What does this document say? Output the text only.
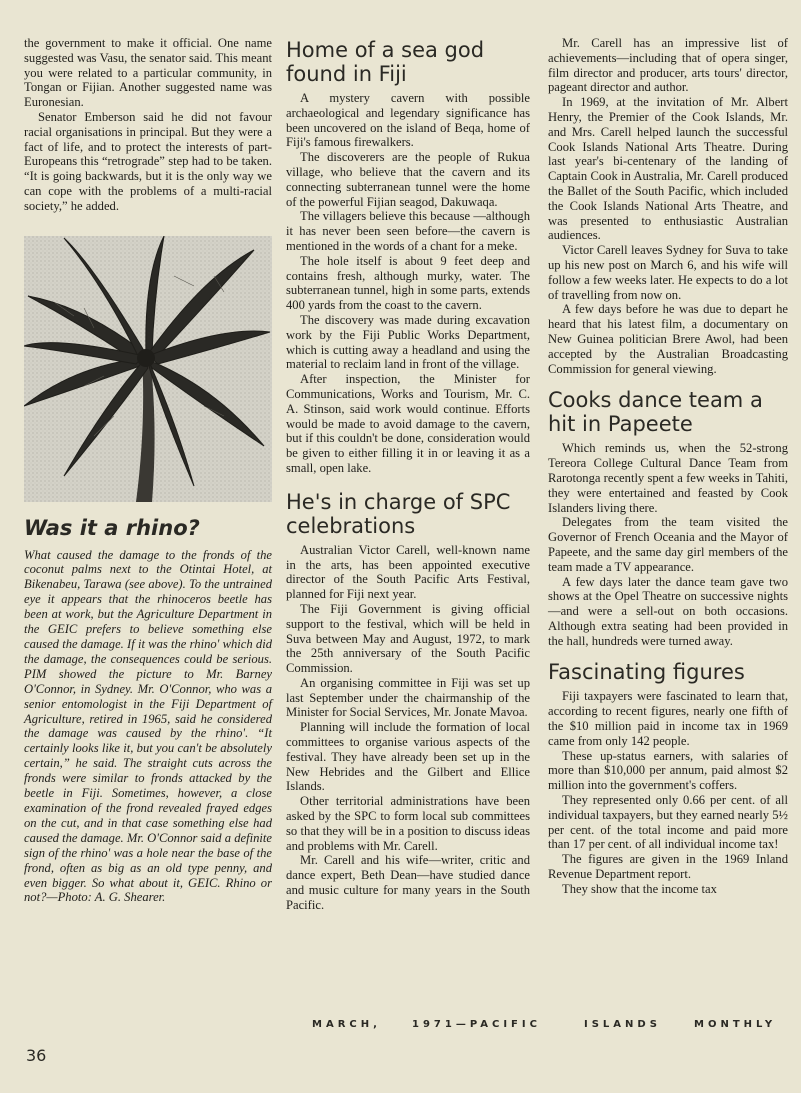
the government to make it official. One name suggested was Vasu, the senator said. This meant you were related to a particular community, in Tongan or Fijian. Another suggested name was Euronesian.

Senator Emberson said he did not favour racial organisations in principal. But they were a fact of life, and to protect the interests of part-Europeans this “retrograde” step had to be taken. “It is going backwards, but it is the only way we can cope with the problems of a multi-racial society,” he added.

Was it a rhino?

What caused the damage to the fronds of the coconut palms next to the Otintai Hotel, at Bikenabeu, Tarawa (see above). To the untrained eye it appears that the rhinoceros beetle has been at work, but the Agriculture Department in the GEIC prefers to believe something else caused the damage. If it was the rhino' which did the damage, the consequences could be serious. PIM showed the picture to Mr. Barney O'Connor, in Sydney. Mr. O'Connor, who was a senior entomologist in the Fiji Department of Agriculture, retired in 1965, said he considered the damage was caused by the rhino'. “It certainly looks like it, but you can't be absolutely certain,” he said. The straight cuts across the fronds were similar to fronds attacked by the beetle in Fiji. Sometimes, however, a close examination of the frond revealed frayed edges on the cut, and in that case something else had caused the damage. Mr. O'Connor said a definite sign of the rhino' was a hole near the base of the frond, often as big as an old type penny, and even bigger. So what about it, GEIC. Rhino or not?—Photo: A. G. Shearer.

Home of a sea god found in Fiji

A mystery cavern with possible archaeological and legendary significance has been uncovered on the island of Beqa, home of Fiji's famous firewalkers.

The discoverers are the people of Rukua village, who believe that the cavern and its connecting subterranean tunnel were the home of the powerful Fijian seagod, Dakuwaqa.

The villagers believe this because —although it has never been seen before—the cavern is mentioned in the words of a chant for a meke.

The hole itself is about 9 feet deep and contains fresh, although murky, water. The subterranean tunnel, high in some parts, extends 400 yards from the coast to the cavern.

The discovery was made during excavation work by the Fiji Public Works Department, which is cutting away a headland and using the material to reclaim land in front of the village.

After inspection, the Minister for Communications, Works and Tourism, Mr. C. A. Stinson, said work would continue. Efforts would be made to avoid damage to the cavern, but if this couldn't be done, consideration would be given to either filling it in or leaving it as a small, open lake.

He's in charge of SPC celebrations

Australian Victor Carell, well-known name in the arts, has been appointed executive director of the South Pacific Arts Festival, planned for Fiji next year.

The Fiji Government is giving official support to the festival, which will be held in Suva between May and August, 1972, to mark the 25th anniversary of the South Pacific Commission.

An organising committee in Fiji was set up last September under the chairmanship of the Minister for Social Services, Mr. Jonate Mavoa.

Planning will include the formation of local committees to organise various aspects of the festival. They have already been set up in the New Hebrides and the Gilbert and Ellice Islands.

Other territorial administrations have been asked by the SPC to form local sub committees so that they will be in a position to discuss ideas and problems with Mr. Carell.

Mr. Carell and his wife—writer, critic and dance expert, Beth Dean—have studied dance and music culture for many years in the South Pacific.

Mr. Carell has an impressive list of achievements—including that of opera singer, film director and producer, arts tours' director, pageant director and author.

In 1969, at the invitation of Mr. Albert Henry, the Premier of the Cook Islands, Mr. and Mrs. Carell helped launch the successful Cook Islands National Arts Theatre. During last year's bi-centenary of the landing of Captain Cook in Australia, Mr. Carell produced the Ballet of the South Pacific, which included the Cook Islands National Arts Theatre, and was presented to enthusiastic Australian audiences.

Victor Carell leaves Sydney for Suva to take up his new post on March 6, and his wife will follow a few weeks later. He expects to do a lot of travelling from now on.

A few days before he was due to depart he heard that his latest film, a documentary on New Guinea politician Brere Awol, had been accepted by the Australian Broadcasting Commission for general viewing.

Cooks dance team a hit in Papeete

Which reminds us, when the 52-strong Tereora College Cultural Dance Team from Rarotonga recently spent a few weeks in Tahiti, they were entertained and feasted by Cook Islanders living there.

Delegates from the team visited the Governor of French Oceania and the Mayor of Papeete, and the same day girl members of the team made a TV appearance.

A few days later the dance team gave two shows at the Opel Theatre on successive nights—and were a sell-out on both occasions. Although extra seating had been provided in the hall, hundreds were turned away.

Fascinating figures

Fiji taxpayers were fascinated to learn that, according to recent figures, nearly one fifth of the $10 million paid in income tax in 1969 came from only 142 people.

These up-status earners, with salaries of more than $10,000 per annum, paid almost $2 million into the government's coffers.

They represented only 0.66 per cent. of all individual taxpayers, but they earned nearly 5½ per cent. of the total income and paid more than 17 per cent. of all individual income tax!

The figures are given in the 1969 Inland Revenue Department report.

They show that the income tax

MARCH,	1971—PACIFIC	ISLANDS	MONTHLY
36
